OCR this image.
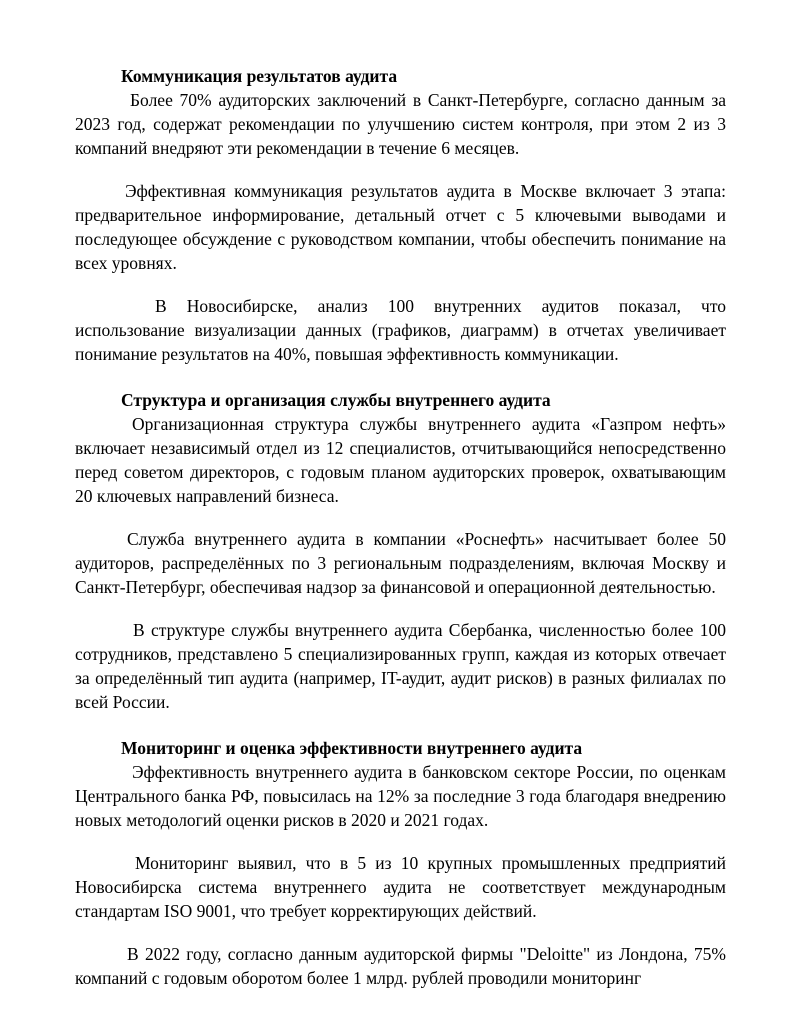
Коммуникация результатов аудита

Более 70% аудиторских заключений в Санкт-Петербурге, согласно данным за 2023 год, содержат рекомендации по улучшению систем контроля, при этом 2 из 3 компаний внедряют эти рекомендации в течение 6 месяцев.

Эффективная коммуникация результатов аудита в Москве включает 3 этапа: предварительное информирование, детальный отчет с 5 ключевыми выводами и последующее обсуждение с руководством компании, чтобы обеспечить понимание на всех уровнях.

В Новосибирске, анализ 100 внутренних аудитов показал, что использование визуализации данных (графиков, диаграмм) в отчетах увеличивает понимание результатов на 40%, повышая эффективность коммуникации.

Структура и организация службы внутреннего аудита

Организационная структура службы внутреннего аудита «Газпром нефть» включает независимый отдел из 12 специалистов, отчитывающийся непосредственно перед советом директоров, с годовым планом аудиторских проверок, охватывающим 20 ключевых направлений бизнеса.

Служба внутреннего аудита в компании «Роснефть» насчитывает более 50 аудиторов, распределённых по 3 региональным подразделениям, включая Москву и Санкт-Петербург, обеспечивая надзор за финансовой и операционной деятельностью.

В структуре службы внутреннего аудита Сбербанка, численностью более 100 сотрудников, представлено 5 специализированных групп, каждая из которых отвечает за определённый тип аудита (например, IT-аудит, аудит рисков) в разных филиалах по всей России.

Мониторинг и оценка эффективности внутреннего аудита

Эффективность внутреннего аудита в банковском секторе России, по оценкам Центрального банка РФ, повысилась на 12% за последние 3 года благодаря внедрению новых методологий оценки рисков в 2020 и 2021 годах.

Мониторинг выявил, что в 5 из 10 крупных промышленных предприятий Новосибирска система внутреннего аудита не соответствует международным стандартам ISO 9001, что требует корректирующих действий.

В 2022 году, согласно данным аудиторской фирмы "Deloitte" из Лондона, 75% компаний с годовым оборотом более 1 млрд. рублей проводили мониторинг
